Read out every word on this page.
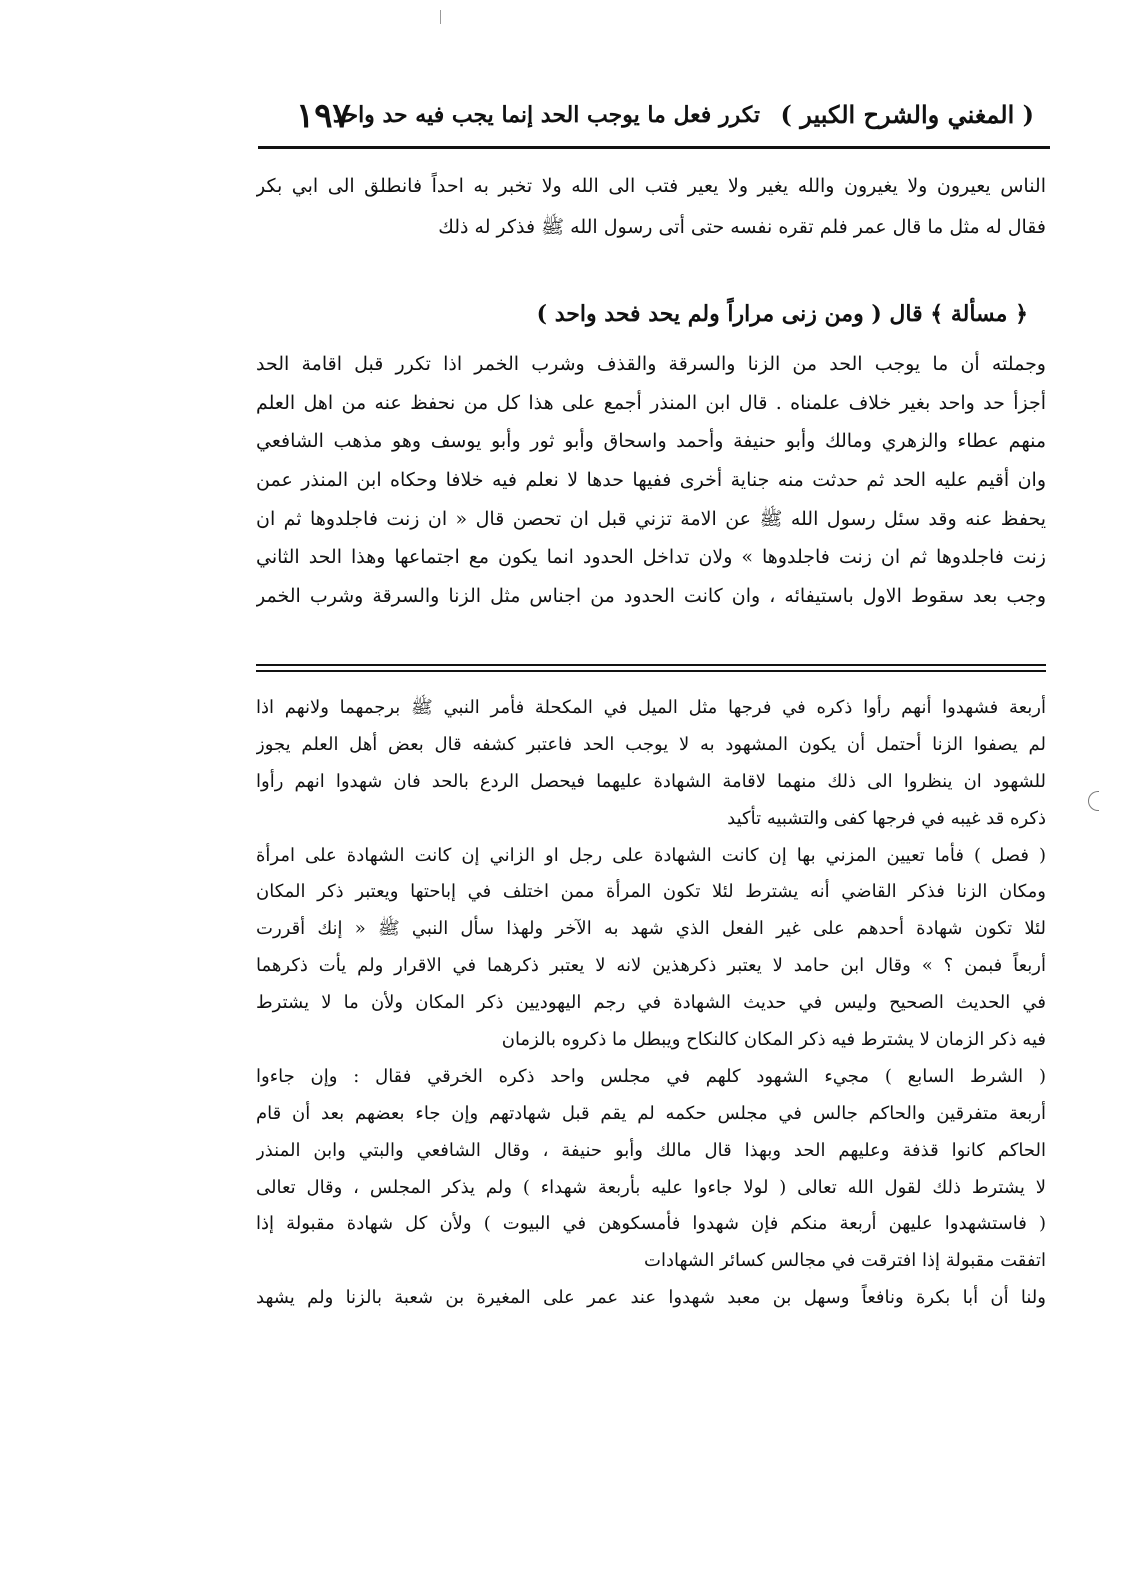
( المغني والشرح الكبير )
تكرر فعل ما يوجب الحد إنما يجب فيه حد واحد
١٩٧
الناس يعيرون ولا يغيرون والله يغير ولا يعير فتب الى الله ولا تخبر به احداً فانطلق الى ابي بكر
فقال له مثل ما قال عمر فلم تقره نفسه حتى أتى رسول الله ﷺ فذكر له ذلك
﴿ مسألة ﴾ قال ( ومن زنى مراراً ولم يحد فحد واحد )
وجملته أن ما يوجب الحد من الزنا والسرقة والقذف وشرب الخمر اذا تكرر قبل اقامة الحد
أجزأ حد واحد بغير خلاف علمناه . قال ابن المنذر أجمع على هذا كل من نحفظ عنه من اهل العلم
منهم عطاء والزهري ومالك وأبو حنيفة وأحمد واسحاق وأبو ثور وأبو يوسف وهو مذهب الشافعي
وان أقيم عليه الحد ثم حدثت منه جناية أخرى ففيها حدها لا نعلم فيه خلافا وحكاه ابن المنذر عمن
يحفظ عنه وقد سئل رسول الله ﷺ عن الامة تزني قبل ان تحصن قال « ان زنت فاجلدوها ثم ان
زنت فاجلدوها ثم ان زنت فاجلدوها » ولان تداخل الحدود انما يكون مع اجتماعها وهذا الحد الثاني
وجب بعد سقوط الاول باستيفائه ، وان كانت الحدود من اجناس مثل الزنا والسرقة وشرب الخمر
أربعة فشهدوا أنهم رأوا ذكره في فرجها مثل الميل في المكحلة فأمر النبي ﷺ برجمهما ولانهم اذا
لم يصفوا الزنا أحتمل أن يكون المشهود به لا يوجب الحد فاعتبر كشفه قال بعض أهل العلم يجوز
للشهود ان ينظروا الى ذلك منهما لاقامة الشهادة عليهما فيحصل الردع بالحد فان شهدوا انهم رأوا
ذكره قد غيبه في فرجها كفى والتشبيه تأكيد
( فصل ) فأما تعيين المزني بها إن كانت الشهادة على رجل او الزاني إن كانت الشهادة على امرأة
ومكان الزنا فذكر القاضي أنه يشترط لئلا تكون المرأة ممن اختلف في إباحتها ويعتبر ذكر المكان
لئلا تكون شهادة أحدهم على غير الفعل الذي شهد به الآخر ولهذا سأل النبي ﷺ « إنك أقررت
أربعاً فبمن ؟ » وقال ابن حامد لا يعتبر ذكرهذين لانه لا يعتبر ذكرهما في الاقرار ولم يأت ذكرهما
في الحديث الصحيح وليس في حديث الشهادة في رجم اليهوديين ذكر المكان ولأن ما لا يشترط
فيه ذكر الزمان لا يشترط فيه ذكر المكان كالنكاح ويبطل ما ذكروه بالزمان
( الشرط السابع ) مجيء الشهود كلهم في مجلس واحد ذكره الخرقي فقال : وإن جاءوا
أربعة متفرقين والحاكم جالس في مجلس حكمه لم يقم قبل شهادتهم وإن جاء بعضهم بعد أن قام
الحاكم كانوا قذفة وعليهم الحد وبهذا قال مالك وأبو حنيفة ، وقال الشافعي والبتي وابن المنذر
لا يشترط ذلك لقول الله تعالى ( لولا جاءوا عليه بأربعة شهداء ) ولم يذكر المجلس ، وقال تعالى
( فاستشهدوا عليهن أربعة منكم فإن شهدوا فأمسكوهن في البيوت ) ولأن كل شهادة مقبولة إذا
اتفقت مقبولة إذا افترقت في مجالس كسائر الشهادات
ولنا أن أبا بكرة ونافعاً وسهل بن معبد شهدوا عند عمر على المغيرة بن شعبة بالزنا ولم يشهد
